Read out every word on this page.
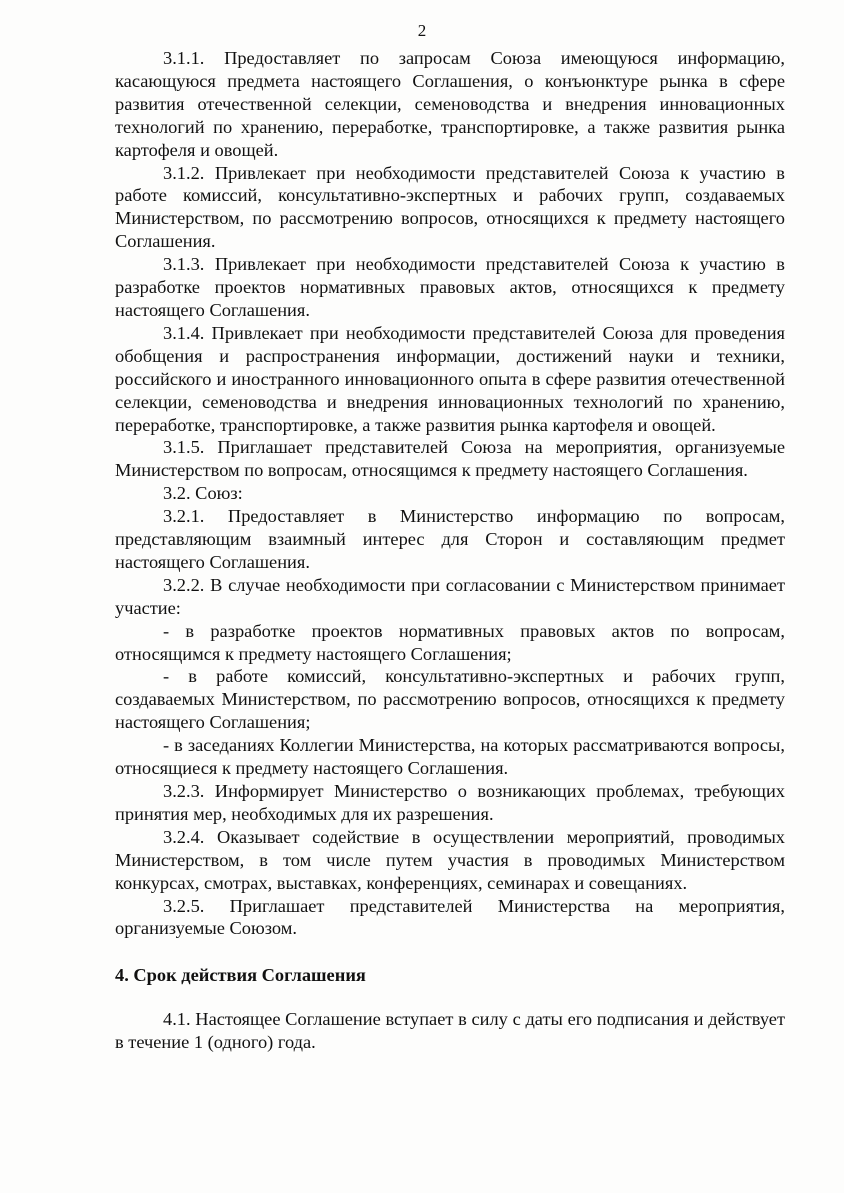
2

3.1.1. Предоставляет по запросам Союза имеющуюся информацию, касающуюся предмета настоящего Соглашения, о конъюнктуре рынка в сфере развития отечественной селекции, семеноводства и внедрения инновационных технологий по хранению, переработке, транспортировке, а также развития рынка картофеля и овощей.

3.1.2. Привлекает при необходимости представителей Союза к участию в работе комиссий, консультативно-экспертных и рабочих групп, создаваемых Министерством, по рассмотрению вопросов, относящихся к предмету настоящего Соглашения.

3.1.3. Привлекает при необходимости представителей Союза к участию в разработке проектов нормативных правовых актов, относящихся к предмету настоящего Соглашения.

3.1.4. Привлекает при необходимости представителей Союза для проведения обобщения и распространения информации, достижений науки и техники, российского и иностранного инновационного опыта в сфере развития отечественной селекции, семеноводства и внедрения инновационных технологий по хранению, переработке, транспортировке, а также развития рынка картофеля и овощей.

3.1.5. Приглашает представителей Союза на мероприятия, организуемые Министерством по вопросам, относящимся к предмету настоящего Соглашения.

3.2. Союз:

3.2.1. Предоставляет в Министерство информацию по вопросам, представляющим взаимный интерес для Сторон и составляющим предмет настоящего Соглашения.

3.2.2. В случае необходимости при согласовании с Министерством принимает участие:

- в разработке проектов нормативных правовых актов по вопросам, относящимся к предмету настоящего Соглашения;

- в работе комиссий, консультативно-экспертных и рабочих групп, создаваемых Министерством, по рассмотрению вопросов, относящихся к предмету настоящего Соглашения;

- в заседаниях Коллегии Министерства, на которых рассматриваются вопросы, относящиеся к предмету настоящего Соглашения.

3.2.3. Информирует Министерство о возникающих проблемах, требующих принятия мер, необходимых для их разрешения.

3.2.4. Оказывает содействие в осуществлении мероприятий, проводимых Министерством, в том числе путем участия в проводимых Министерством конкурсах, смотрах, выставках, конференциях, семинарах и совещаниях.

3.2.5. Приглашает представителей Министерства на мероприятия, организуемые Союзом.

4. Срок действия Соглашения

4.1. Настоящее Соглашение вступает в силу с даты его подписания и действует в течение 1 (одного) года.
